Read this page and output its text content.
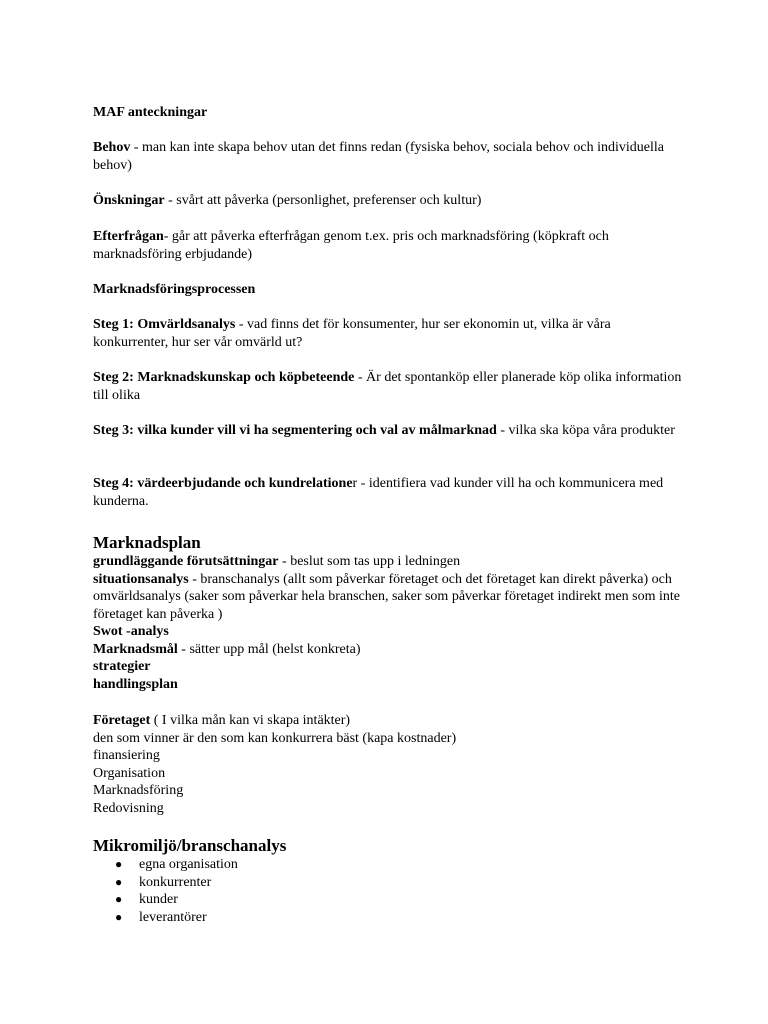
MAF anteckningar

Behov - man kan inte skapa behov utan det finns redan (fysiska behov, sociala behov och individuella behov)

Önskningar - svårt att påverka (personlighet, preferenser och kultur)

Efterfrågan- går att påverka efterfrågan genom t.ex. pris och marknadsföring (köpkraft och marknadsföring erbjudande)

Marknadsföringsprocessen

Steg 1: Omvärldsanalys - vad finns det för konsumenter, hur ser ekonomin ut, vilka är våra konkurrenter, hur ser vår omvärld ut?

Steg 2: Marknadskunskap och köpbeteende - Är det spontanköp eller planerade köp olika information till olika

Steg 3: vilka kunder vill vi ha segmentering och val av målmarknad - vilka ska köpa våra produkter

Steg 4: värdeerbjudande och kundrelationer - identifiera vad kunder vill ha och kommunicera med kunderna.

Marknadsplan

grundläggande förutsättningar - beslut som tas upp i ledningen

situationsanalys - branschanalys (allt som påverkar företaget och det företaget kan direkt påverka) och omvärldsanalys (saker som påverkar hela branschen, saker som påverkar företaget indirekt men som inte företaget kan påverka )

Swot -analys

Marknadsmål - sätter upp mål (helst konkreta)

strategier

handlingsplan

Företaget ( I vilka mån kan vi skapa intäkter)

den som vinner är den som kan konkurrera bäst (kapa kostnader)

finansiering

Organisation

Marknadsföring

Redovisning

Mikromiljö/branschanalys

● egna organisation
● konkurrenter
● kunder
● leverantörer
